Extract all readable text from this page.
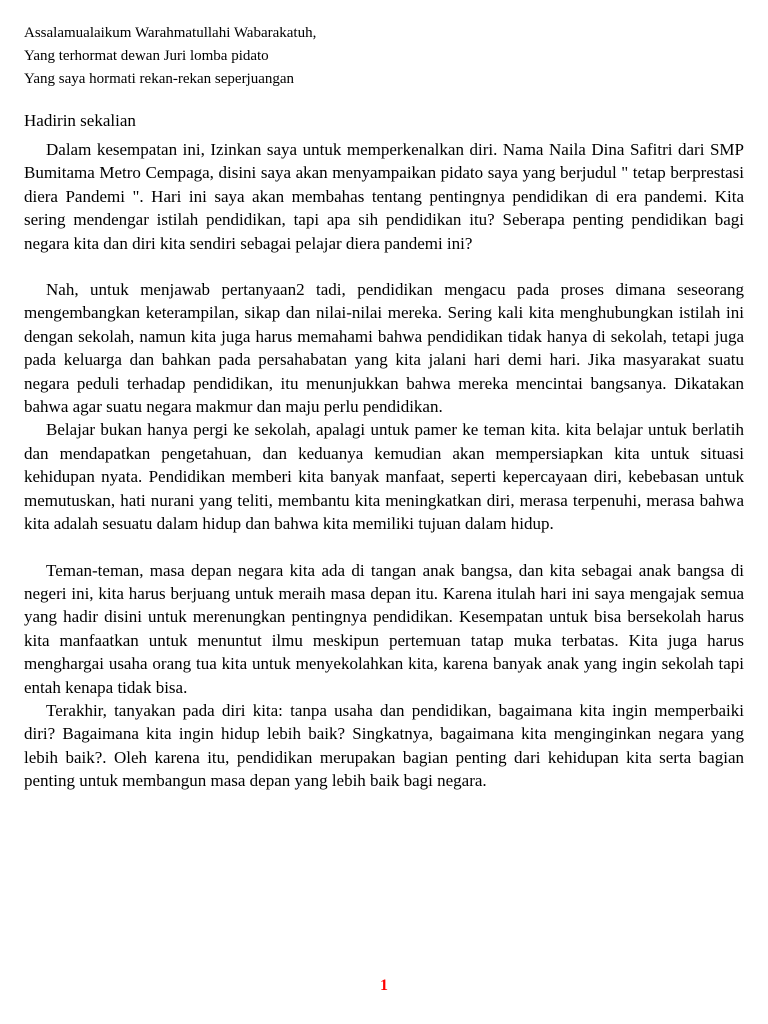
Assalamualaikum Warahmatullahi Wabarakatuh,

Yang terhormat dewan Juri lomba pidato

Yang saya hormati rekan-rekan seperjuangan

Hadirin sekalian

Dalam kesempatan ini, Izinkan saya untuk memperkenalkan diri. Nama Naila Dina Safitri dari SMP Bumitama Metro Cempaga, disini saya akan menyampaikan pidato saya yang berjudul " tetap berprestasi diera Pandemi ". Hari ini saya akan membahas tentang pentingnya pendidikan di era pandemi. Kita sering mendengar istilah pendidikan, tapi apa sih pendidikan itu? Seberapa penting pendidikan bagi negara kita dan diri kita sendiri sebagai pelajar diera pandemi ini?

Nah, untuk menjawab pertanyaan2 tadi, pendidikan mengacu pada proses dimana seseorang mengembangkan keterampilan, sikap dan nilai-nilai mereka. Sering kali kita menghubungkan istilah ini dengan sekolah, namun kita juga harus memahami bahwa pendidikan tidak hanya di sekolah, tetapi juga pada keluarga dan bahkan pada persahabatan yang kita jalani hari demi hari. Jika masyarakat suatu negara peduli terhadap pendidikan, itu menunjukkan bahwa mereka mencintai bangsanya. Dikatakan bahwa agar suatu negara makmur dan maju perlu pendidikan.

Belajar bukan hanya pergi ke sekolah, apalagi untuk pamer ke teman kita. kita belajar untuk berlatih dan mendapatkan pengetahuan, dan keduanya kemudian akan mempersiapkan kita untuk situasi kehidupan nyata. Pendidikan memberi kita banyak manfaat, seperti kepercayaan diri, kebebasan untuk memutuskan, hati nurani yang teliti, membantu kita meningkatkan diri, merasa terpenuhi, merasa bahwa kita adalah sesuatu dalam hidup dan bahwa kita memiliki tujuan dalam hidup.

Teman-teman, masa depan negara kita ada di tangan anak bangsa, dan kita sebagai anak bangsa di negeri ini, kita harus berjuang untuk meraih masa depan itu. Karena itulah hari ini saya mengajak semua yang hadir disini untuk merenungkan pentingnya pendidikan. Kesempatan untuk bisa bersekolah harus kita manfaatkan untuk menuntut ilmu meskipun pertemuan tatap muka terbatas. Kita juga harus menghargai usaha orang tua kita untuk menyekolahkan kita, karena banyak anak yang ingin sekolah tapi entah kenapa tidak bisa.

Terakhir, tanyakan pada diri kita: tanpa usaha dan pendidikan, bagaimana kita ingin memperbaiki diri? Bagaimana kita ingin hidup lebih baik? Singkatnya, bagaimana kita menginginkan negara yang lebih baik?. Oleh karena itu, pendidikan merupakan bagian penting dari kehidupan kita serta bagian penting untuk membangun masa depan yang lebih baik bagi negara.

1
